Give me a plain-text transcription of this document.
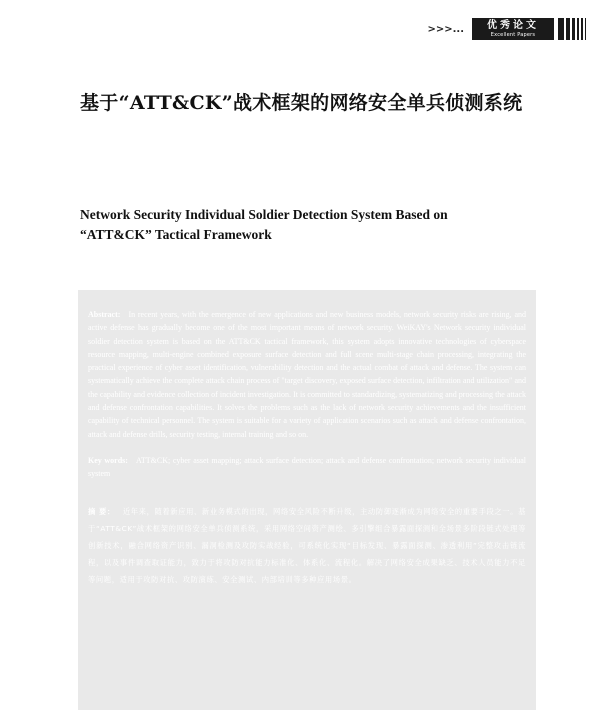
>>>... 优秀论文
Excellent Papers
基于“ATT&CK”战术框架的网络安全单兵侦测系统
Network Security Individual Soldier Detection System Based on
“ATT&CK” Tactical Framework

Abstract: In recent years, with the emergence of new applications and new business models, network security risks are rising, and active defense has gradually become one of the most important means of network security. WeiKAY's Network security individual soldier detection system is based on the ATT&CK tactical framework, this system adopts innovative technologies of cyberspace resource mapping, multi-engine combined exposure surface detection and full scene multi-stage chain processing, integrating the practical experience of cyber asset identification, vulnerability detection and the actual combat of attack and defense. The system can systematically achieve the complete attack chain process of "target discovery, exposed surface detection, infiltration and utilization" and the capability and evidence collection of incident investigation. It is committed to standardizing, systematizing and processing the attack and defense confrontation capabilities. It solves the problems such as the lack of network security achievements and the insufficient capability of technical personnel. The system is suitable for a variety of application scenarios such as attack and defense confrontation, attack and defense drills, security testing, internal training and so on.

Key words: ATT&CK; cyber asset mapping; attack surface detection; attack and defense confrontation; network security individual system

摘 要： 近年来，随着新应用、新业务模式的出现，网络安全风险不断升级，主动防御逐渐成为网络安全的重要手段之一。基于“ATT&CK”战术框架的网络安全单兵侦测系统，采用网络空间资产测绘、多引擎组合暴露面探测和全场景多阶段链式处理等创新技术，融合网络资产识别、漏洞检测及攻防实战经验，可系统化实现“目标发现、暴露面探测、渗透利用”完整攻击链流程，以及事件调查取证能力，致力于将攻防对抗能力标准化、体系化、流程化。解决了网络安全成果缺乏、技术人员能力不足等问题，适用于攻防对抗、攻防演练、安全测试、内部培训等多种应用场景。
